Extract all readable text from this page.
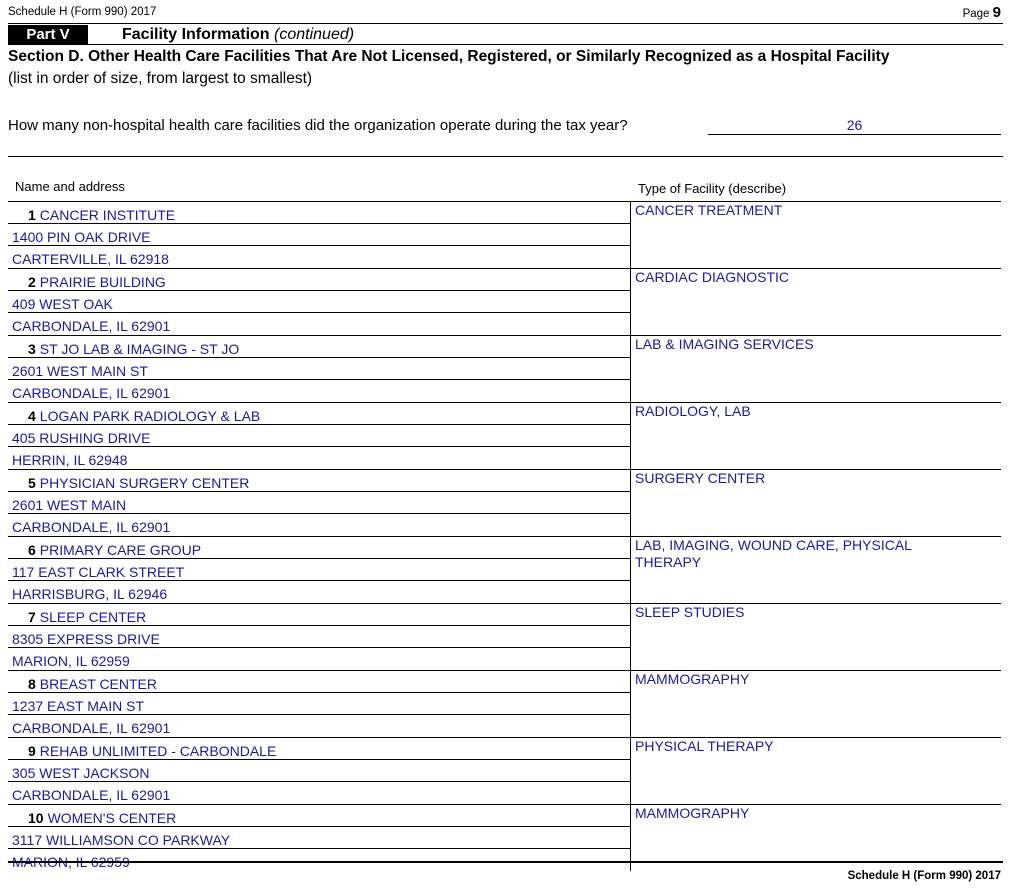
Schedule H (Form 990) 2017	Page 9
Part V	Facility Information (continued)
Section D. Other Health Care Facilities That Are Not Licensed, Registered, or Similarly Recognized as a Hospital Facility
(list in order of size, from largest to smallest)
How many non-hospital health care facilities did the organization operate during the tax year?	26
Name and address	Type of Facility (describe)
1 CANCER INSTITUTE
1400 PIN OAK DRIVE
CARTERVILLE, IL 62918
CANCER TREATMENT
2 PRAIRIE BUILDING
409 WEST OAK
CARBONDALE, IL 62901
CARDIAC DIAGNOSTIC
3 ST JO LAB & IMAGING - ST JO
2601 WEST MAIN ST
CARBONDALE, IL 62901
LAB & IMAGING SERVICES
4 LOGAN PARK RADIOLOGY & LAB
405 RUSHING DRIVE
HERRIN, IL 62948
RADIOLOGY, LAB
5 PHYSICIAN SURGERY CENTER
2601 WEST MAIN
CARBONDALE, IL 62901
SURGERY CENTER
6 PRIMARY CARE GROUP
117 EAST CLARK STREET
HARRISBURG, IL 62946
LAB, IMAGING, WOUND CARE, PHYSICAL THERAPY
7 SLEEP CENTER
8305 EXPRESS DRIVE
MARION, IL 62959
SLEEP STUDIES
8 BREAST CENTER
1237 EAST MAIN ST
CARBONDALE, IL 62901
MAMMOGRAPHY
9 REHAB UNLIMITED - CARBONDALE
305 WEST JACKSON
CARBONDALE, IL 62901
PHYSICAL THERAPY
10 WOMEN'S CENTER
3117 WILLIAMSON CO PARKWAY
MARION, IL 62959
MAMMOGRAPHY
Schedule H (Form 990) 2017
